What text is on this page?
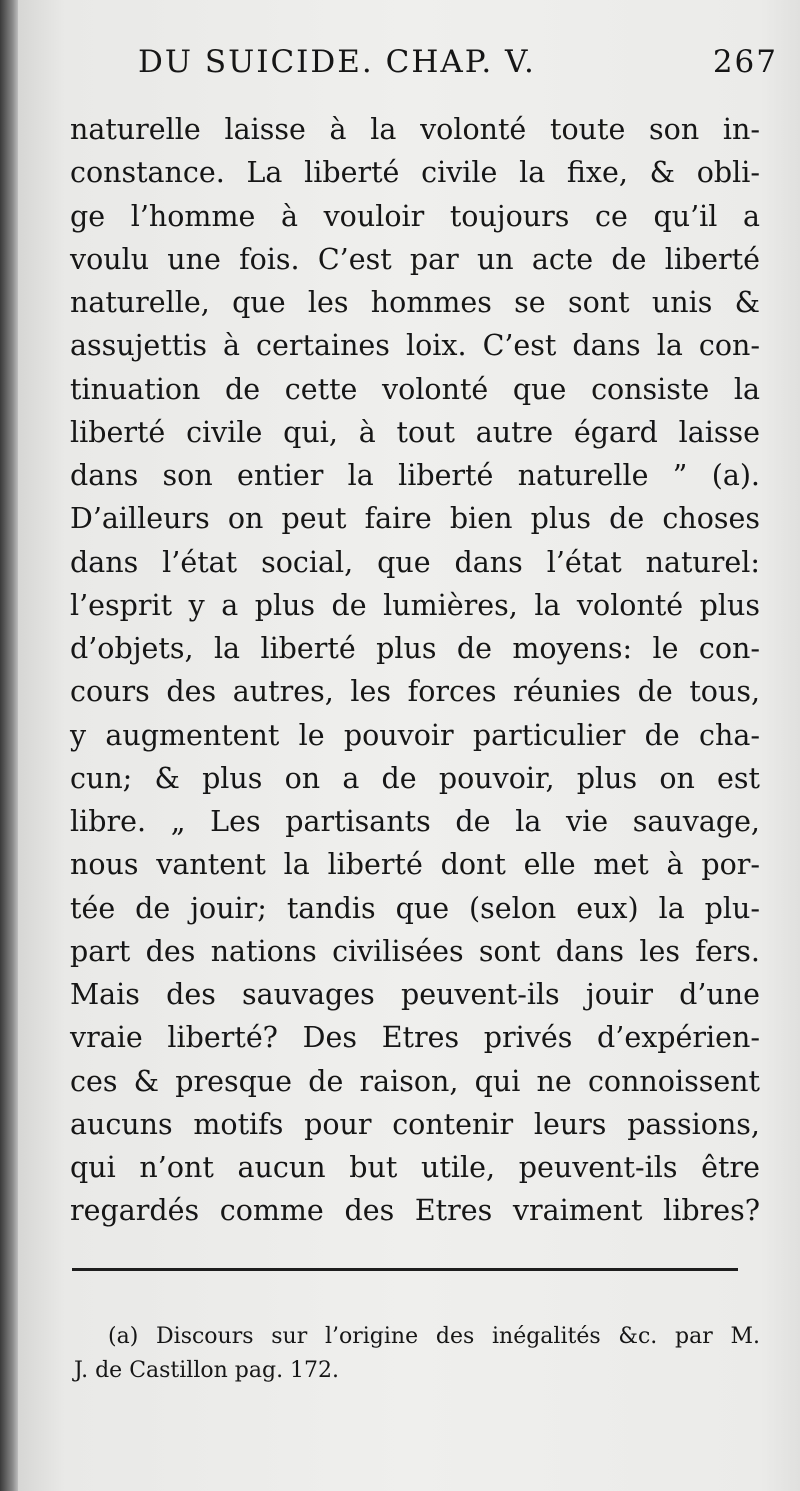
DU SUICIDE. CHAP. V.	267
naturelle laisse à la volonté toute son in-
constance. La liberté civile la fixe, & obli-
ge l’homme à vouloir toujours ce qu’il a
voulu une fois. C’est par un acte de liberté
naturelle, que les hommes se sont unis &
assujettis à certaines loix. C’est dans la con-
tinuation de cette volonté que consiste la
liberté civile qui, à tout autre égard laisse
dans son entier la liberté naturelle ” (a).
D’ailleurs on peut faire bien plus de choses
dans l’état social, que dans l’état naturel:
l’esprit y a plus de lumières, la volonté plus
d’objets, la liberté plus de moyens: le con-
cours des autres, les forces réunies de tous,
y augmentent le pouvoir particulier de cha-
cun; & plus on a de pouvoir, plus on est
libre. „ Les partisants de la vie sauvage,
nous vantent la liberté dont elle met à por-
tée de jouir; tandis que (selon eux) la plu-
part des nations civilisées sont dans les fers.
Mais des sauvages peuvent-ils jouir d’une
vraie liberté? Des Etres privés d’expérien-
ces & presque de raison, qui ne connoissent
aucuns motifs pour contenir leurs passions,
qui n’ont aucun but utile, peuvent-ils être
regardés comme des Etres vraiment libres?
(a) Discours sur l’origine des inégalités &c. par M.
J. de Castillon pag. 172.
